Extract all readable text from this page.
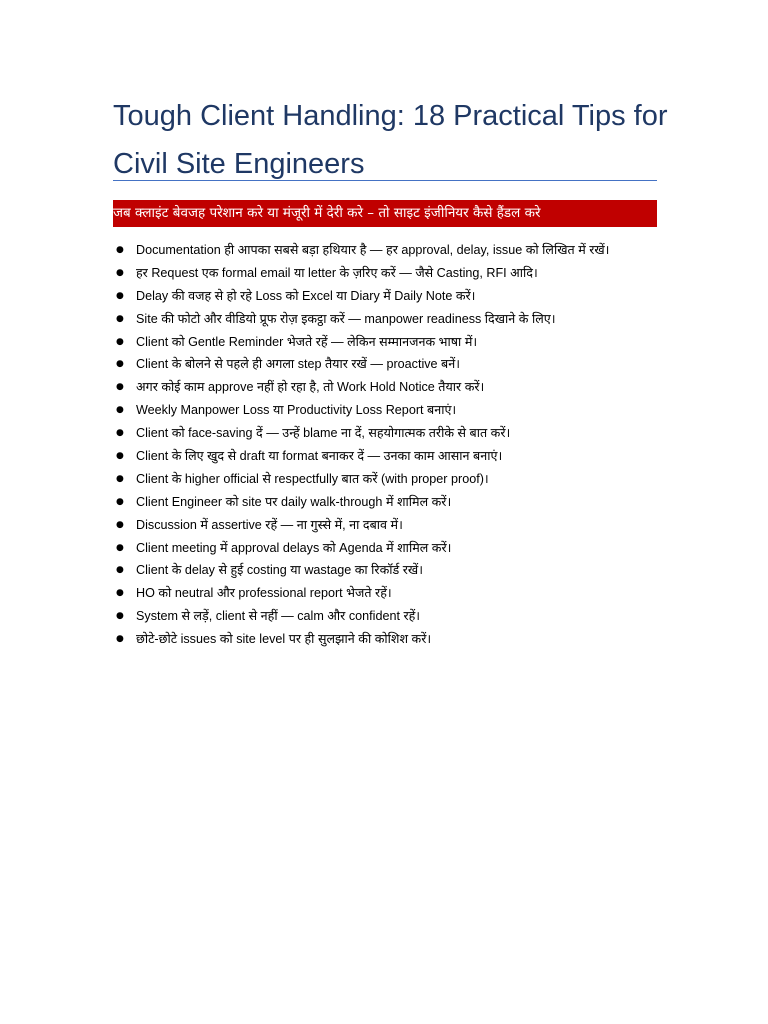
Tough Client Handling: 18 Practical Tips for Civil Site Engineers
जब क्लाइंट बेवजह परेशान करे या मंजूरी में देरी करे – तो साइट इंजीनियर कैसे हैंडल करे
● Documentation ही आपका सबसे बड़ा हथियार है — हर approval, delay, issue को लिखित में रखें।
● हर Request एक formal email या letter के ज़रिए करें — जैसे Casting, RFI आदि।
● Delay की वजह से हो रहे Loss को Excel या Diary में Daily Note करें।
● Site की फोटो और वीडियो प्रूफ रोज़ इकट्ठा करें — manpower readiness दिखाने के लिए।
● Client को Gentle Reminder भेजते रहें — लेकिन सम्मानजनक भाषा में।
● Client के बोलने से पहले ही अगला step तैयार रखें — proactive बनें।
● अगर कोई काम approve नहीं हो रहा है, तो Work Hold Notice तैयार करें।
● Weekly Manpower Loss या Productivity Loss Report बनाएं।
● Client को face-saving दें — उन्हें blame ना दें, सहयोगात्मक तरीके से बात करें।
● Client के लिए खुद से draft या format बनाकर दें — उनका काम आसान बनाएं।
● Client के higher official से respectfully बात करें (with proper proof)।
● Client Engineer को site पर daily walk-through में शामिल करें।
● Discussion में assertive रहें — ना गुस्से में, ना दबाव में।
● Client meeting में approval delays को Agenda में शामिल करें।
● Client के delay से हुई costing या wastage का रिकॉर्ड रखें।
● HO को neutral और professional report भेजते रहें।
● System से लड़ें, client से नहीं — calm और confident रहें।
● छोटे-छोटे issues को site level पर ही सुलझाने की कोशिश करें।
